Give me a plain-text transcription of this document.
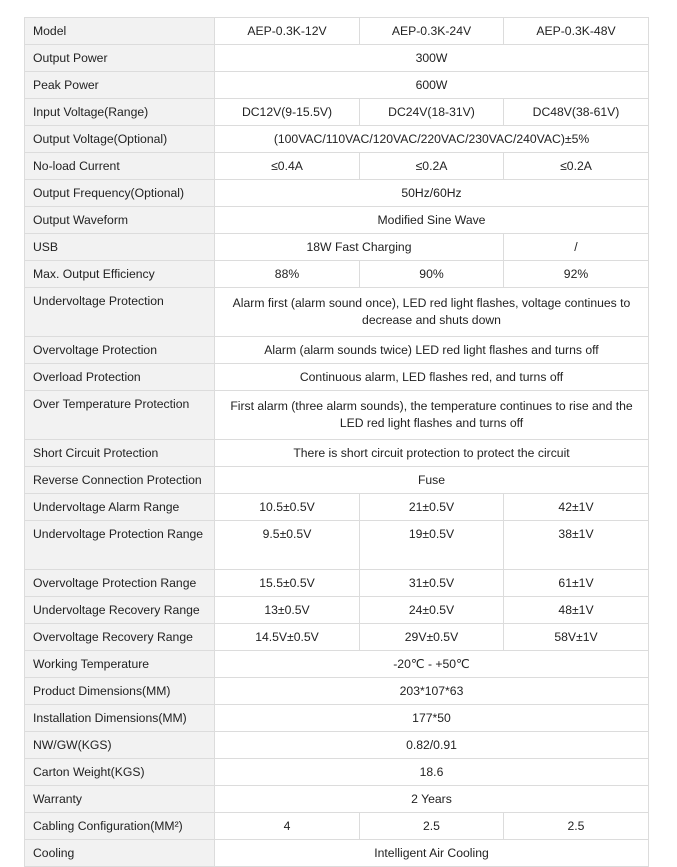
Model	AEP-0.3K-12V	AEP-0.3K-24V	AEP-0.3K-48V
Output Power	300W		
Peak Power	600W		
Input Voltage(Range)	DC12V(9-15.5V)	DC24V(18-31V)	DC48V(38-61V)
Output Voltage(Optional)	(100VAC/110VAC/120VAC/220VAC/230VAC/240VAC)±5%		
No-load Current	≤0.4A	≤0.2A	≤0.2A
Output Frequency(Optional)	50Hz/60Hz		
Output Waveform	Modified Sine Wave		
USB	18W Fast Charging		/
Max. Output Efficiency	88%	90%	92%
Undervoltage Protection	Alarm first (alarm sound once), LED red light flashes, voltage continues to decrease and shuts down		
Overvoltage Protection	Alarm (alarm sounds twice) LED red light flashes and turns off		
Overload Protection	Continuous alarm, LED flashes red, and turns off		
Over Temperature Protection	First alarm (three alarm sounds), the temperature continues to rise and the LED red light flashes and turns off		
Short Circuit Protection	There is short circuit protection to protect the circuit		
Reverse Connection Protection	Fuse		
Undervoltage Alarm Range	10.5±0.5V	21±0.5V	42±1V
Undervoltage Protection Range	9.5±0.5V	19±0.5V	38±1V
Overvoltage Protection Range	15.5±0.5V	31±0.5V	61±1V
Undervoltage Recovery Range	13±0.5V	24±0.5V	48±1V
Overvoltage Recovery Range	14.5V±0.5V	29V±0.5V	58V±1V
Working Temperature	-20℃ - +50℃		
Product Dimensions(MM)	203*107*63		
Installation Dimensions(MM)	177*50		
NW/GW(KGS)	0.82/0.91		
Carton Weight(KGS)	18.6		
Warranty	2 Years		
Cabling Configuration(MM²)	4	2.5	2.5
Cooling	Intelligent Air Cooling		
